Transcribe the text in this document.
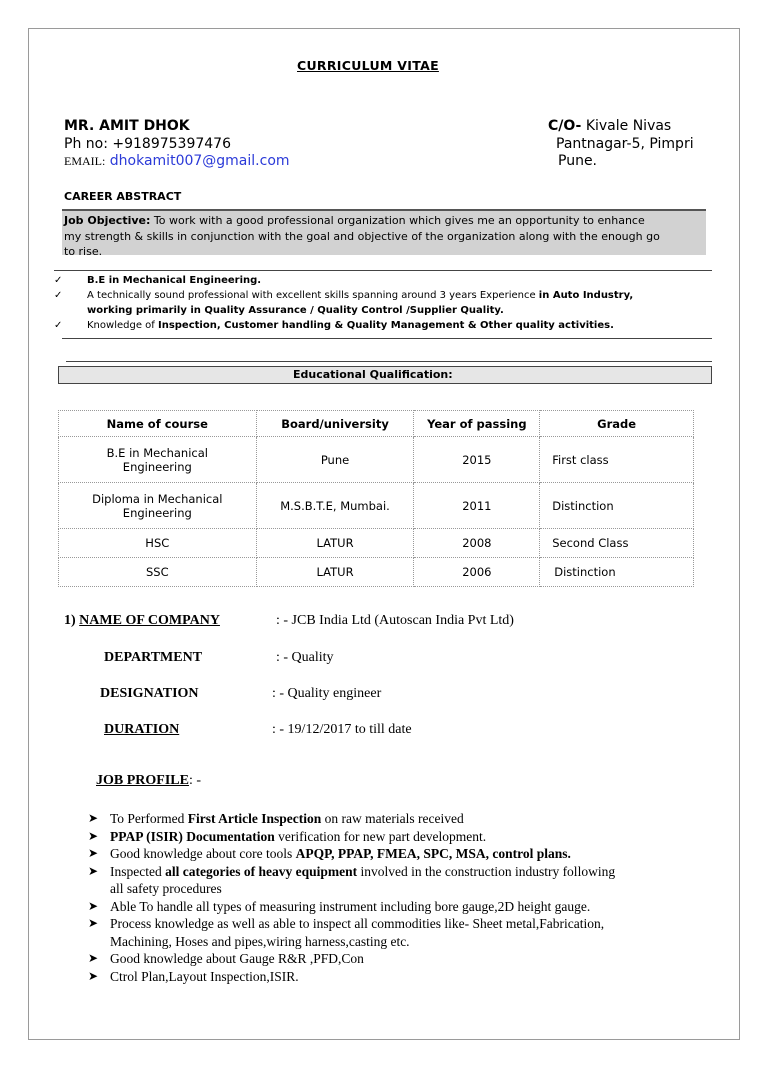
CURRICULUM VITAE
MR. AMIT DHOK
Ph no: +918975397476
EMAIL: dhokamit007@gmail.com
C/O- Kivale Nivas
Pantnagar-5, Pimpri
Pune.
CAREER ABSTRACT
Job Objective: To work with a good professional organization which gives me an opportunity to enhance
my strength & skills in conjunction with the goal and objective of the organization along with the enough go
to rise.
✓	B.E in Mechanical Engineering.
✓	A technically sound professional with excellent skills spanning around 3 years Experience in Auto Industry,
working primarily in Quality Assurance / Quality Control /Supplier Quality.
✓	Knowledge of Inspection, Customer handling & Quality Management & Other quality activities.
Educational Qualification:
Name of course	Board/university	Year of passing	Grade

B.E in Mechanical
Engineering	Pune	2015	First class

Diploma in Mechanical
Engineering	M.S.B.T.E, Mumbai.	2011	Distinction
HSC	LATUR	2008	Second Class
SSC	LATUR	2006	Distinction
1) NAME OF COMPANY	: - JCB India Ltd (Autoscan India Pvt Ltd)
DEPARTMENT	: - Quality
DESIGNATION	: - Quality engineer
DURATION	: - 19/12/2017 to till date
JOB PROFILE: -
➤ To Performed First Article Inspection on raw materials received
➤ PPAP (ISIR) Documentation verification for new part development.
➤ Good knowledge about core tools APQP, PPAP, FMEA, SPC, MSA, control plans.
➤ Inspected all categories of heavy equipment involved in the construction industry following
all safety procedures
➤ Able To handle all types of measuring instrument including bore gauge,2D height gauge.
➤ Process knowledge as well as able to inspect all commodities like- Sheet metal,Fabrication,
Machining, Hoses and pipes,wiring harness,casting etc.
➤ Good knowledge about Gauge R&R ,PFD,Con
➤ Ctrol Plan,Layout Inspection,ISIR.
